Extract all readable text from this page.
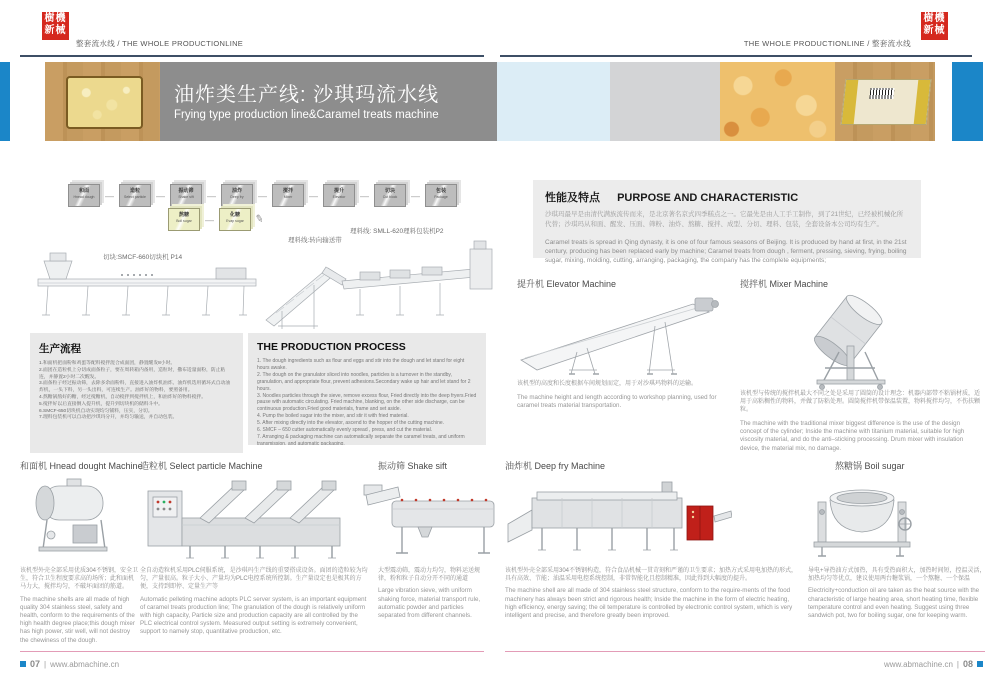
樹機
新械
整套流水线 / THE WHOLE PRODUCTIONLINE	THE WHOLE PRODUCTIONLINE / 整套流水线
樹機
新械
油炸类生产线: 沙琪玛流水线
Frying type production line&Caramel treats machine
和面
Hnead dough	—	造粒
Select particle	—	振动筛
Shake sift	—	油炸
Deep fry	—	搅拌
Mixer	—	提升
Elevator	—	切块
Cut block	—	包装
Package
熬糖
Boil sugar	—	化糖
Evap sugar	✎
切块:SMCF-660切块机 P14
理料线:转向输送带
理料线: SMLL-620理料包装机P2
生产流程
1.和面机把面粉和鸡蛋等配料搅拌混合成面团，静置醒发8小时。
2.面团在造粒机上分切成面条粒子，要在周转箱内备用，造粒时，撒布适量面粉，防止粘连，并静置2小时二次醒发。
3.面条粒子经过振动筛，去除多余面粉料，直接进入油炸机油炸。油炸机选用循环式自动油炸机，一头下料，另一头出料，可连续生产。油炸好的物料，要照备用。
4.熬糖锅熬好的糖，经过搅糖机，自动搅拌到搅拌机上，和油炸好的物料搅拌。
5.搅拌好以后直接倒入提升机，提升到切块机的储料斗中。
6.SMCF-650切块机自动实现均匀铺料，压实，分切。
7.理料包装机可以自动把沙琪玛分开，并均匀输送，并自动包装。
THE PRODUCTION PROCESS
1. The dough ingredients such as flour and eggs and stir into the dough and let stand for eight hours awake.
2. The dough on the granulator sliced into noodles, particles is a turnover in the standby, granulation, and appropriate flour, prevent adhesions.Secondary wake up hair and let stand for 2 hours.
3. Noodles particles through the sieve, remove excess flour, Fried directly into the deep fryers.Fried pause with automatic circulating. Fried machine, blanking, on the other side discharge, can be continuous production.Fried good materials, frame and set aside.
4. Pump the boiled sugar into the mixer, and stir it with fried material.
5. After mixing directly into the elevator, ascend to the hopper of the cutting machine.
6. SMCF – 650 cutter automatically evenly spread , press, and cut the material.
7. Arranging & packaging machine can automatically separate the caramel treats, and uniform transmission, and automatic packaging.
性能及特点 PURPOSE AND CHARACTERISTIC
沙琪玛最早是由清代满族流传而来，是北京著名京式四季糕点之一。它最先是由人工手工制作，到了21世纪，已经被机械化所代替；沙琪玛从和面、醒发、压面、筛粉、油炸、熬糖、搅拌、成型、分切、理料、包装，全套设备本公司均有生产。
Caramel treats is spread in Qing dynasty, it is one of four famous seasons of Beijing. It is produced by hand at first, in the 21st century, producing has been replaced early by machine; Caramel treats from dough , ferment, pressing, sieving, frying, boiling sugar, mixing, molding, cutting, arranging, packaging, the company has the complete equipments;
提升机 Elevator Machine
该机型的高度和长度根据车间规划而定，用于对沙琪玛物料的运输。
The machine height and length according to workshop planning, used for caramel treats material transportation.
搅拌机 Mixer Machine
该机型与传统的搅拌机最大不同之处是采用了圆筒的设计理念：机器内部带不粘锅材质，适用于高粘稠性的物料，并做了防粘处理。圆筒搅拌机带保温装置，物料搅拌均匀，不伤扶颗粒。
The machine with the traditional mixer biggest difference is the use of the design concept of the cylinder; Inside the machine with titanium material, suitable for high viscosity material, and do the anti–sticking processing. Drum mixer with insulation device, the material mix, no damage.
和面机 Hnead dought Machine
造粒机 Select particle Machine	振动筛 Shake sift	油炸机 Deep fry Machine	熬糖锅 Boil sugar
该机型外壳全部采用优质304不锈钢，安全卫生，符合卫生程度要求高的场所；此和面机马力大，搅拌均匀，不破坏面团的筋道。
The machine shells are all made of high quality 304 stainless steel, safety and health, conform to the requirements of the high health degree place;this dough mixer has high power, stir well, will not destroy the chewiness of the dough.
全自动造粒机采用PLC伺服系统，是沙琪玛生产线的重要搭成设备。面团的造粒较为均匀，产量很高。粒子大小、产量均为PLC电控系统所控制。生产量设定也是极其的方便，支持到即停、定量生产等
Automatic pelleting machine adopts PLC server system, is an important equipment of caramel treats production line; The granulation of the dough is relatively uniform with high capacity, Particle size and production capacity are all controlled by the PLC electrical control system. Measured output setting is extremely convenient, support to namely stop, quantitative production, etc.
大型震动筛，震动力均匀，物料运送规律，粉和粒子自动分开不同的通道
Large vibration sieve, with uniform shaking force, material transport rule, automatic powder and particles separated from different channels.
该机型外壳全部采用304不锈钢构造，符合食品机械一贯苛刻和严谨的卫生要求；加热方式采用电加热的形式，具有高效、节能；油温采用电控系统控制，非常智能化且控制精准，因此得到大幅度的提升。
The machine shell are all made of 304 stainless steel structure, conform to the require-ments of the food machinery has always been strict and rigorous health; Inside the machine in the form of electric heating, high efficiency, energy saving; the oil temperature is controlled by electronic control system, which is very intelligent and precise, and therefore greatly been improved.
导电+导热油方式加热，具有受热面积大，加热时间短，控温灵活，加热均匀等优点，建议使用两台糖浆锅，一个熬糖、一个保温
Electricity+conduction oil are taken as the heat source with the characteristic of large heating area, short heating time, flexible temperature control and even heating. Suggest using three sandwich pot, two for boiling sugar, one for keeping warm.
07 | www.abmachine.cn	www.abmachine.cn | 08
